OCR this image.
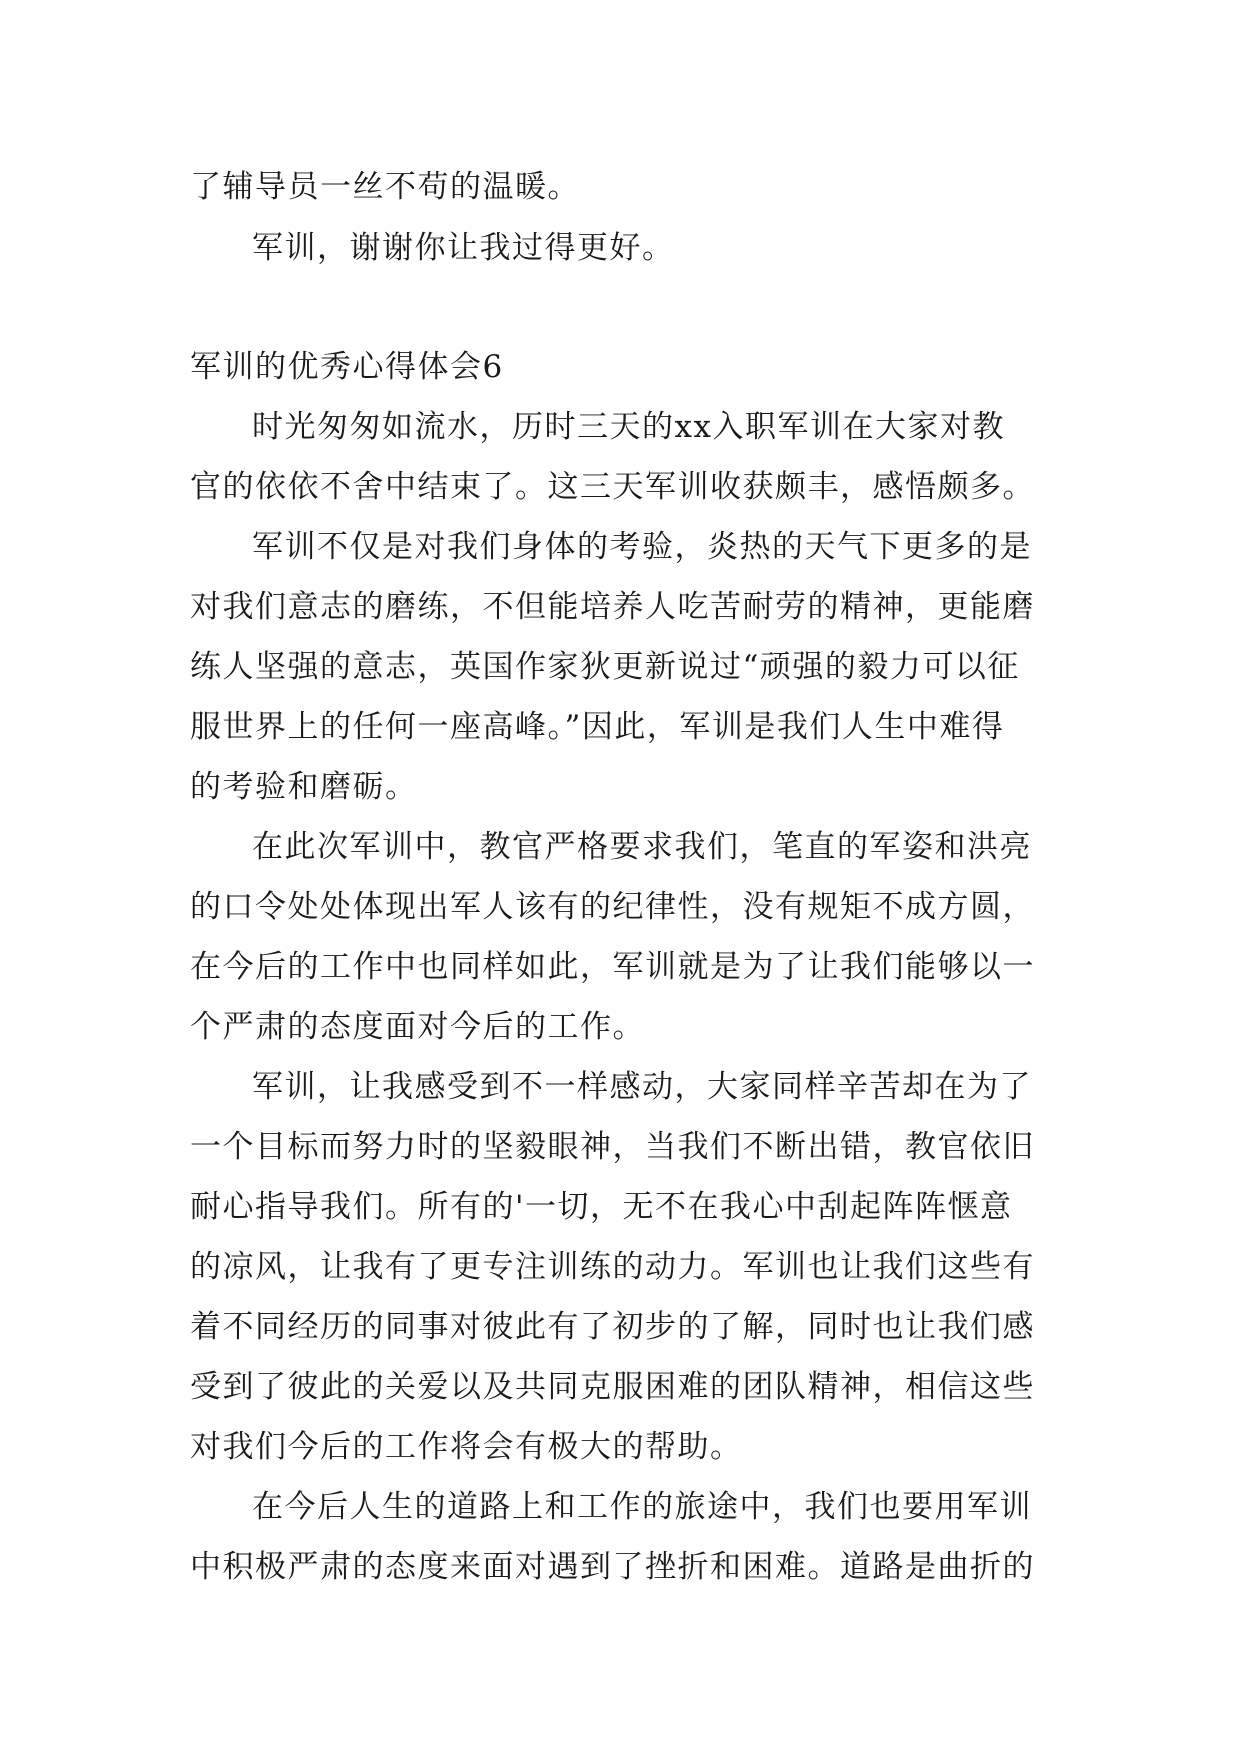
了辅导员一丝不苟的温暖。
军训，谢谢你让我过得更好。
军训的优秀心得体会6
时光匆匆如流水，历时三天的xx入职军训在大家对教
官的依依不舍中结束了。这三天军训收获颇丰，感悟颇多。
军训不仅是对我们身体的考验，炎热的天气下更多的是
对我们意志的磨练，不但能培养人吃苦耐劳的精神，更能磨
练人坚强的意志，英国作家狄更新说过“顽强的毅力可以征
服世界上的任何一座高峰。”因此，军训是我们人生中难得
的考验和磨砺。
在此次军训中，教官严格要求我们，笔直的军姿和洪亮
的口令处处体现出军人该有的纪律性，没有规矩不成方圆，
在今后的工作中也同样如此，军训就是为了让我们能够以一
个严肃的态度面对今后的工作。
军训，让我感受到不一样感动，大家同样辛苦却在为了
一个目标而努力时的坚毅眼神，当我们不断出错，教官依旧
耐心指导我们。所有的'一切，无不在我心中刮起阵阵惬意
的凉风，让我有了更专注训练的动力。军训也让我们这些有
着不同经历的同事对彼此有了初步的了解，同时也让我们感
受到了彼此的关爱以及共同克服困难的团队精神，相信这些
对我们今后的工作将会有极大的帮助。
在今后人生的道路上和工作的旅途中，我们也要用军训
中积极严肃的态度来面对遇到了挫折和困难。道路是曲折的
